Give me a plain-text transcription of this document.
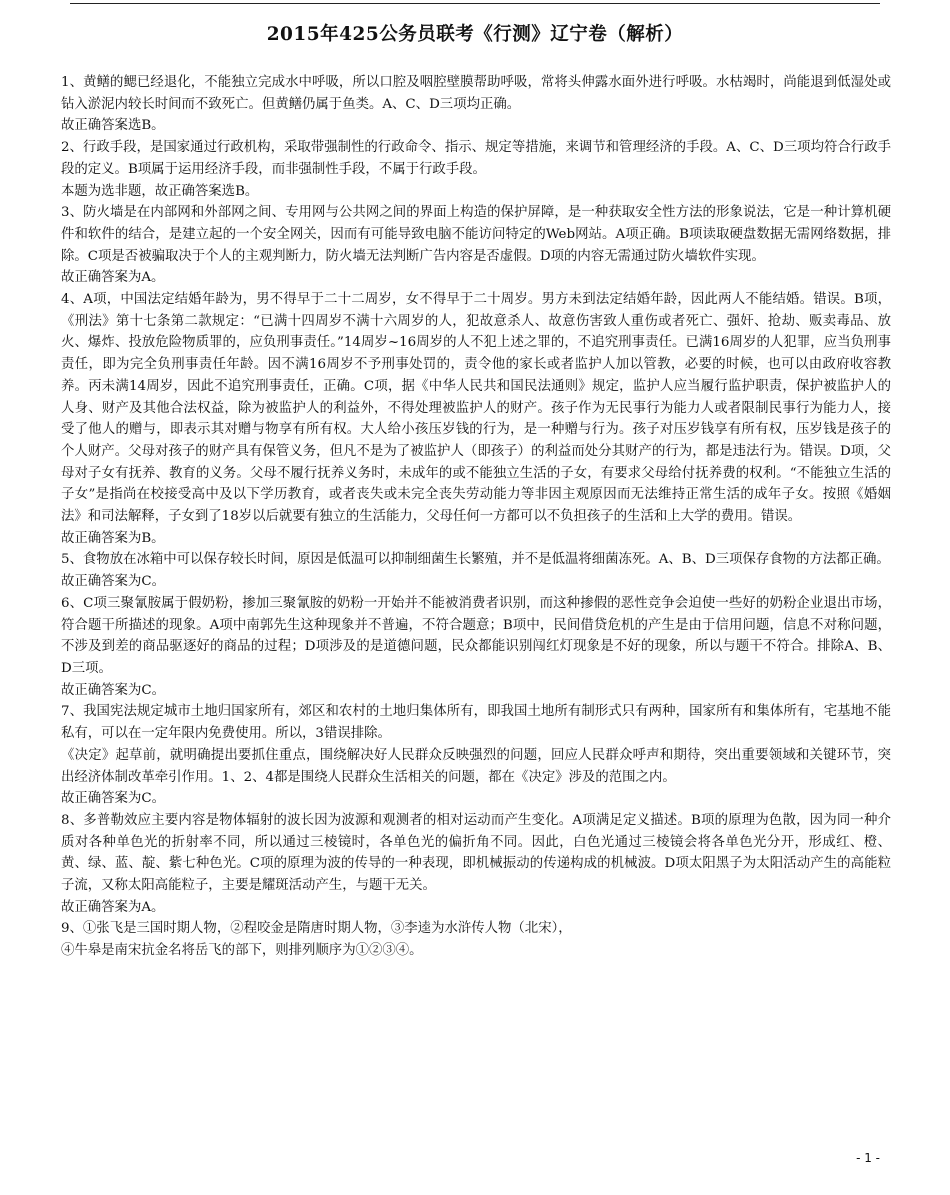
2015年425公务员联考《行测》辽宁卷（解析）

1、黄鳝的鳃已经退化，不能独立完成水中呼吸，所以口腔及咽腔壁膜帮助呼吸，常将头伸露水面外进行呼吸。水枯竭时，尚能退到低湿处或钻入淤泥内较长时间而不致死亡。但黄鳝仍属于鱼类。A、C、D三项均正确。

故正确答案选B。

2、行政手段，是国家通过行政机构，采取带强制性的行政命令、指示、规定等措施，来调节和管理经济的手段。A、C、D三项均符合行政手段的定义。B项属于运用经济手段，而非强制性手段，不属于行政手段。

本题为选非题，故正确答案选B。

3、防火墙是在内部网和外部网之间、专用网与公共网之间的界面上构造的保护屏障，是一种获取安全性方法的形象说法，它是一种计算机硬件和软件的结合，是建立起的一个安全网关，因而有可能导致电脑不能访问特定的Web网站。A项正确。B项读取硬盘数据无需网络数据，排除。C项是否被骗取决于个人的主观判断力，防火墙无法判断广告内容是否虚假。D项的内容无需通过防火墙软件实现。

故正确答案为A。

4、A项，中国法定结婚年龄为，男不得早于二十二周岁，女不得早于二十周岁。男方未到法定结婚年龄，因此两人不能结婚。错误。B项，《刑法》第十七条第二款规定：“已满十四周岁不满十六周岁的人，犯故意杀人、故意伤害致人重伤或者死亡、强奸、抢劫、贩卖毒品、放火、爆炸、投放危险物质罪的，应负刑事责任。”14周岁~16周岁的人不犯上述之罪的，不追究刑事责任。已满16周岁的人犯罪，应当负刑事责任，即为完全负刑事责任年龄。因不满16周岁不予刑事处罚的，责令他的家长或者监护人加以管教，必要的时候，也可以由政府收容教养。丙未满14周岁，因此不追究刑事责任，正确。C项，据《中华人民共和国民法通则》规定，监护人应当履行监护职责，保护被监护人的人身、财产及其他合法权益，除为被监护人的利益外，不得处理被监护人的财产。孩子作为无民事行为能力人或者限制民事行为能力人，接受了他人的赠与，即表示其对赠与物享有所有权。大人给小孩压岁钱的行为，是一种赠与行为。孩子对压岁钱享有所有权，压岁钱是孩子的个人财产。父母对孩子的财产具有保管义务，但凡不是为了被监护人（即孩子）的利益而处分其财产的行为，都是违法行为。错误。D项，父母对子女有抚养、教育的义务。父母不履行抚养义务时，未成年的或不能独立生活的子女，有要求父母给付抚养费的权利。“不能独立生活的子女”是指尚在校接受高中及以下学历教育，或者丧失或未完全丧失劳动能力等非因主观原因而无法维持正常生活的成年子女。按照《婚姻法》和司法解释，子女到了18岁以后就要有独立的生活能力，父母任何一方都可以不负担孩子的生活和上大学的费用。错误。

故正确答案为B。

5、食物放在冰箱中可以保存较长时间，原因是低温可以抑制细菌生长繁殖，并不是低温将细菌冻死。A、B、D三项保存食物的方法都正确。

故正确答案为C。

6、C项三聚氰胺属于假奶粉，掺加三聚氰胺的奶粉一开始并不能被消费者识别，而这种掺假的恶性竞争会迫使一些好的奶粉企业退出市场，符合题干所描述的现象。A项中南郭先生这种现象并不普遍，不符合题意；B项中，民间借贷危机的产生是由于信用问题，信息不对称问题，不涉及到差的商品驱逐好的商品的过程；D项涉及的是道德问题，民众都能识别闯红灯现象是不好的现象，所以与题干不符合。排除A、B、D三项。

故正确答案为C。

7、我国宪法规定城市土地归国家所有，郊区和农村的土地归集体所有，即我国土地所有制形式只有两种，国家所有和集体所有，宅基地不能私有，可以在一定年限内免费使用。所以，3错误排除。

《决定》起草前，就明确提出要抓住重点，围绕解决好人民群众反映强烈的问题，回应人民群众呼声和期待，突出重要领域和关键环节，突出经济体制改革牵引作用。1、2、4都是围绕人民群众生活相关的问题，都在《决定》涉及的范围之内。

故正确答案为C。

8、多普勒效应主要内容是物体辐射的波长因为波源和观测者的相对运动而产生变化。A项满足定义描述。B项的原理为色散，因为同一种介质对各种单色光的折射率不同，所以通过三棱镜时，各单色光的偏折角不同。因此，白色光通过三棱镜会将各单色光分开，形成红、橙、黄、绿、蓝、靛、紫七种色光。C项的原理为波的传导的一种表现，即机械振动的传递构成的机械波。D项太阳黑子为太阳活动产生的高能粒子流，又称太阳高能粒子，主要是耀斑活动产生，与题干无关。

故正确答案为A。

9、①张飞是三国时期人物，②程咬金是隋唐时期人物，③李逵为水浒传人物（北宋），

④牛皋是南宋抗金名将岳飞的部下，则排列顺序为①②③④。

- 1 -
